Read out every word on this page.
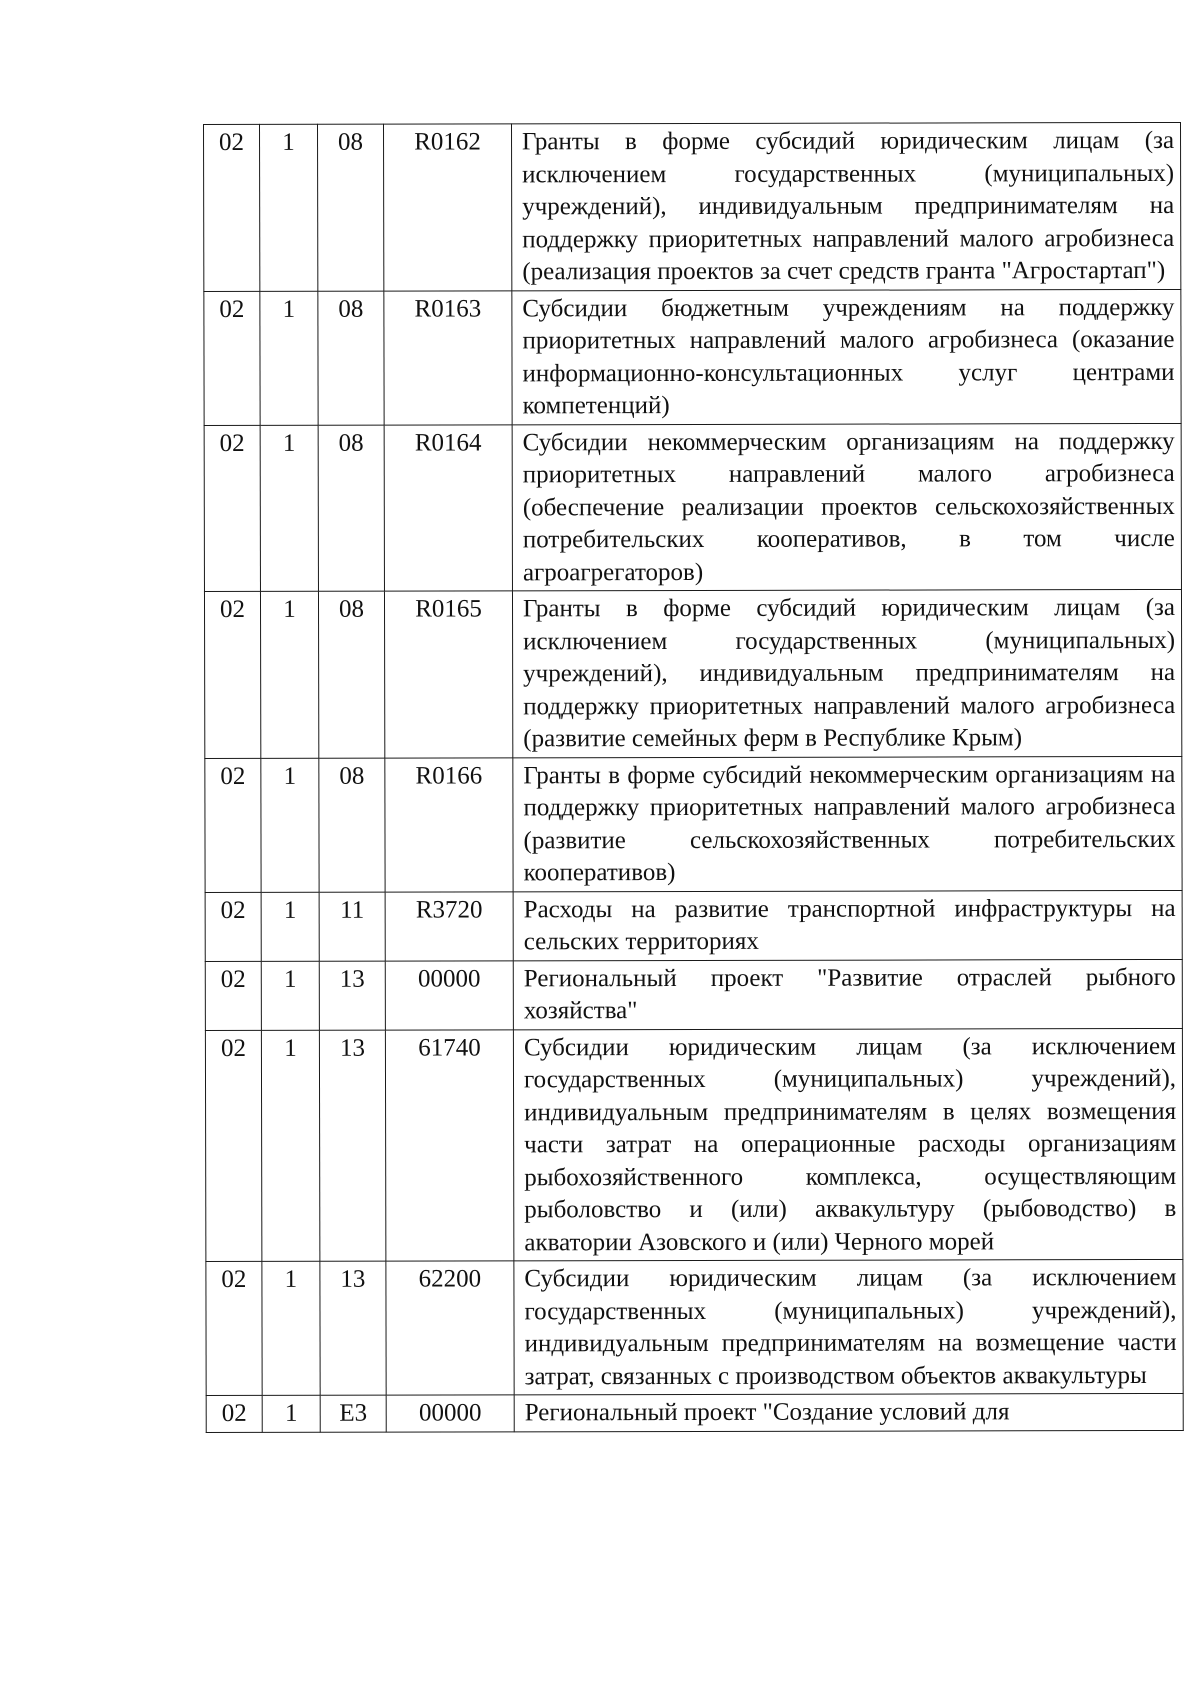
02	1	08	R0162	Гранты в форме субсидий юридическим лицам (за исключением государственных (муниципальных) учреждений), индивидуальным предпринимателям на поддержку приоритетных направлений малого агробизнеса (реализация проектов за счет средств гранта "Агростартап")
02	1	08	R0163	Субсидии бюджетным учреждениям на поддержку приоритетных направлений малого агробизнеса (оказание информационно-консультационных услуг центрами компетенций)
02	1	08	R0164	Субсидии некоммерческим организациям на поддержку приоритетных направлений малого агробизнеса (обеспечение реализации проектов сельскохозяйственных потребительских кооперативов, в том числе агроагрегаторов)
02	1	08	R0165	Гранты в форме субсидий юридическим лицам (за исключением государственных (муниципальных) учреждений), индивидуальным предпринимателям на поддержку приоритетных направлений малого агробизнеса (развитие семейных ферм в Республике Крым)
02	1	08	R0166	Гранты в форме субсидий некоммерческим организациям на поддержку приоритетных направлений малого агробизнеса (развитие сельскохозяйственных потребительских кооперативов)
02	1	11	R3720	Расходы на развитие транспортной инфраструктуры на сельских территориях
02	1	13	00000	Региональный проект "Развитие отраслей рыбного хозяйства"
02	1	13	61740	Субсидии юридическим лицам (за исключением государственных (муниципальных) учреждений), индивидуальным предпринимателям в целях возмещения части затрат на операционные расходы организациям рыбохозяйственного комплекса, осуществляющим рыболовство и (или) аквакультуру (рыбоводство) в акватории Азовского и (или) Черного морей
02	1	13	62200	Субсидии юридическим лицам (за исключением государственных (муниципальных) учреждений), индивидуальным предпринимателям на возмещение части затрат, связанных с производством объектов аквакультуры
02	1	E3	00000	Региональный проект "Создание условий для
